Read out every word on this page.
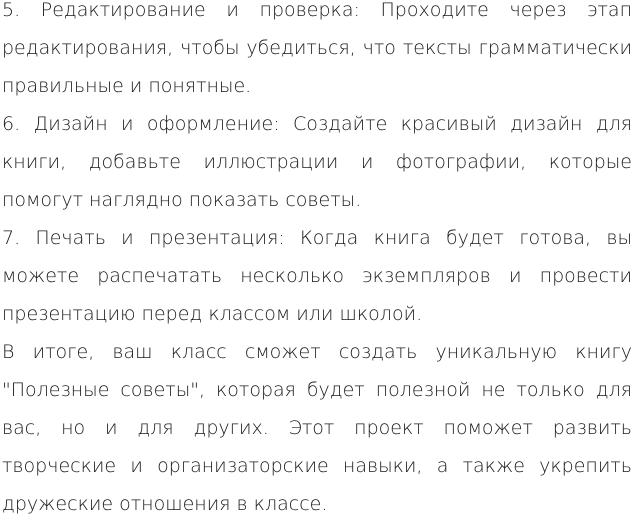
5. Редактирование и проверка: Проходите через этап редактирования, чтобы убедиться, что тексты грамматически правильные и понятные.

6. Дизайн и оформление: Создайте красивый дизайн для книги, добавьте иллюстрации и фотографии, которые помогут наглядно показать советы.

7. Печать и презентация: Когда книга будет готова, вы можете распечатать несколько экземпляров и провести презентацию перед классом или школой.

В итоге, ваш класс сможет создать уникальную книгу "Полезные советы", которая будет полезной не только для вас, но и для других. Этот проект поможет развить творческие и организаторские навыки, а также укрепить дружеские отношения в классе.
